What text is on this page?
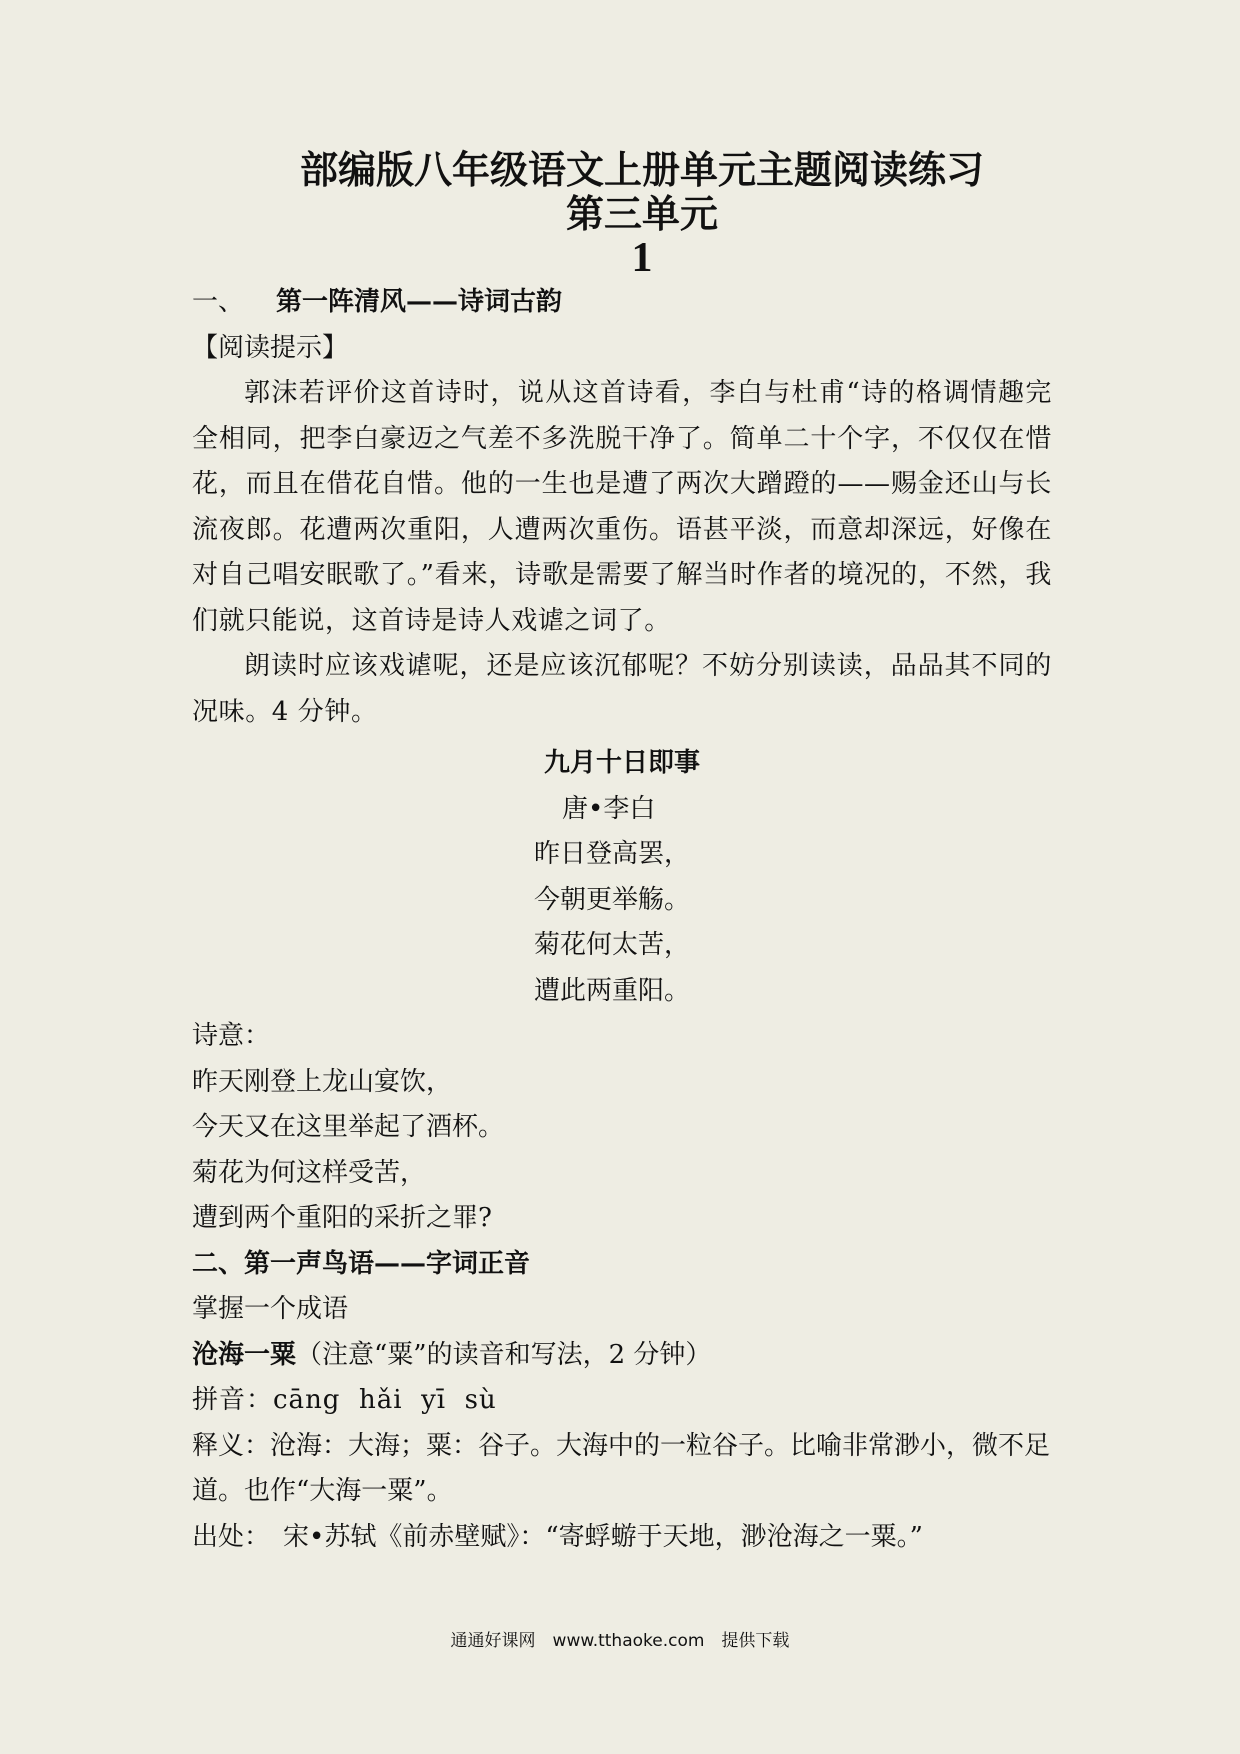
部编版八年级语文上册单元主题阅读练习
第三单元
1

一、 第一阵清风——诗词古韵

【阅读提示】

郭沫若评价这首诗时，说从这首诗看，李白与杜甫“诗的格调情趣完全相同，把李白豪迈之气差不多洗脱干净了。简单二十个字，不仅仅在惜花，而且在借花自惜。他的一生也是遭了两次大蹭蹬的——赐金还山与长流夜郎。花遭两次重阳，人遭两次重伤。语甚平淡，而意却深远，好像在对自己唱安眠歌了。”看来，诗歌是需要了解当时作者的境况的，不然，我们就只能说，这首诗是诗人戏谑之词了。

朗读时应该戏谑呢，还是应该沉郁呢？不妨分别读读，品品其不同的况味。4 分钟。

九月十日即事

唐•李白

昨日登高罢，

今朝更举觞。

菊花何太苦，

遭此两重阳。

诗意：

昨天刚登上龙山宴饮，

今天又在这里举起了酒杯。

菊花为何这样受苦，

遭到两个重阳的采折之罪?

二、第一声鸟语——字词正音

掌握一个成语

沧海一粟（注意“粟”的读音和写法，2 分钟）

拼音：cāng  hǎi  yī  sù

释义：沧海：大海；粟：谷子。大海中的一粒谷子。比喻非常渺小，微不足道。也作“大海一粟”。

出处：　宋•苏轼《前赤壁赋》：“寄蜉蝣于天地，渺沧海之一粟。”

通通好课网　www.tthaoke.com　提供下载
